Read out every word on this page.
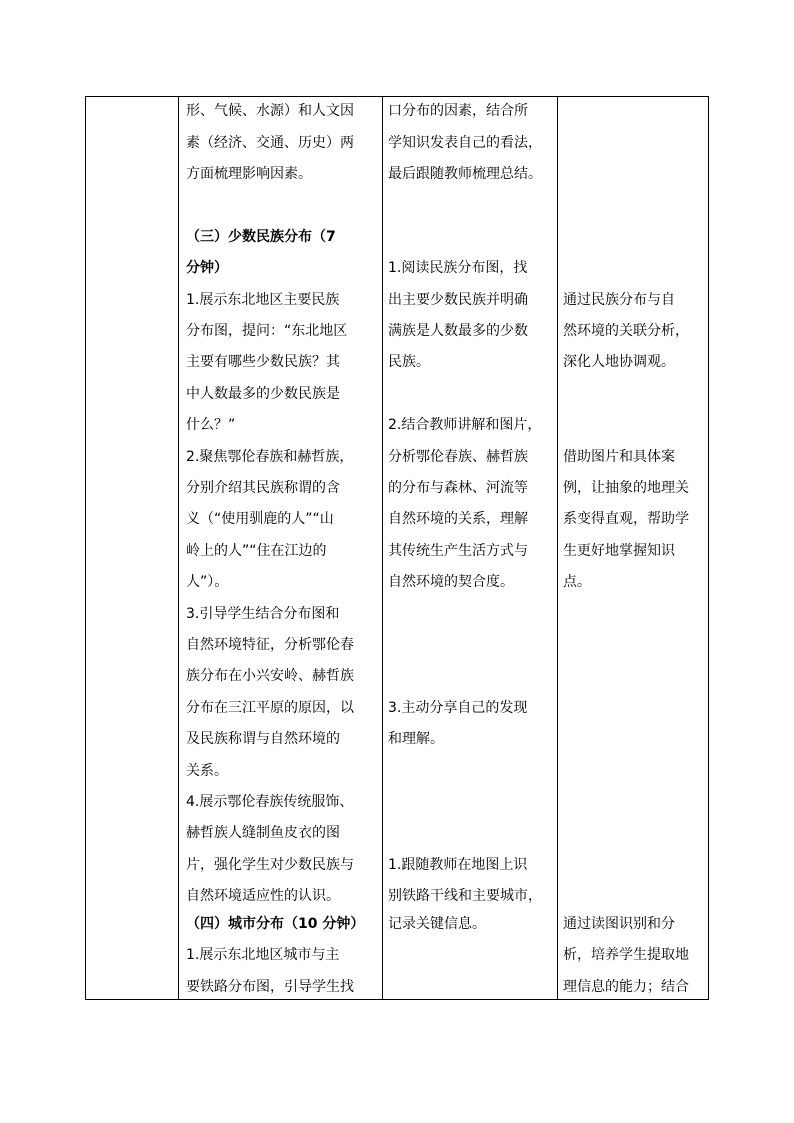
形、气候、水源）和人文因
素（经济、交通、历史）两
方面梳理影响因素。
（三）少数民族分布（7
分钟）
1.展示东北地区主要民族
分布图，提问：“东北地区
主要有哪些少数民族？其
中人数最多的少数民族是
什么？”
2.聚焦鄂伦春族和赫哲族，
分别介绍其民族称谓的含
义（“使用驯鹿的人”“山
岭上的人”“住在江边的
人”）。
3.引导学生结合分布图和
自然环境特征，分析鄂伦春
族分布在小兴安岭、赫哲族
分布在三江平原的原因，以
及民族称谓与自然环境的
关系。
4.展示鄂伦春族传统服饰、
赫哲族人缝制鱼皮衣的图
片，强化学生对少数民族与
自然环境适应性的认识。
（四）城市分布（10 分钟）
1.展示东北地区城市与主
要铁路分布图，引导学生找
口分布的因素，结合所
学知识发表自己的看法，
最后跟随教师梳理总结。
1.阅读民族分布图，找
出主要少数民族并明确
满族是人数最多的少数
民族。
2.结合教师讲解和图片，
分析鄂伦春族、赫哲族
的分布与森林、河流等
自然环境的关系，理解
其传统生产生活方式与
自然环境的契合度。
3.主动分享自己的发现
和理解。
1.跟随教师在地图上识
别铁路干线和主要城市，
记录关键信息。
通过民族分布与自
然环境的关联分析，
深化人地协调观。
借助图片和具体案
例，让抽象的地理关
系变得直观，帮助学
生更好地掌握知识
点。
通过读图识别和分
析，培养学生提取地
理信息的能力；结合
